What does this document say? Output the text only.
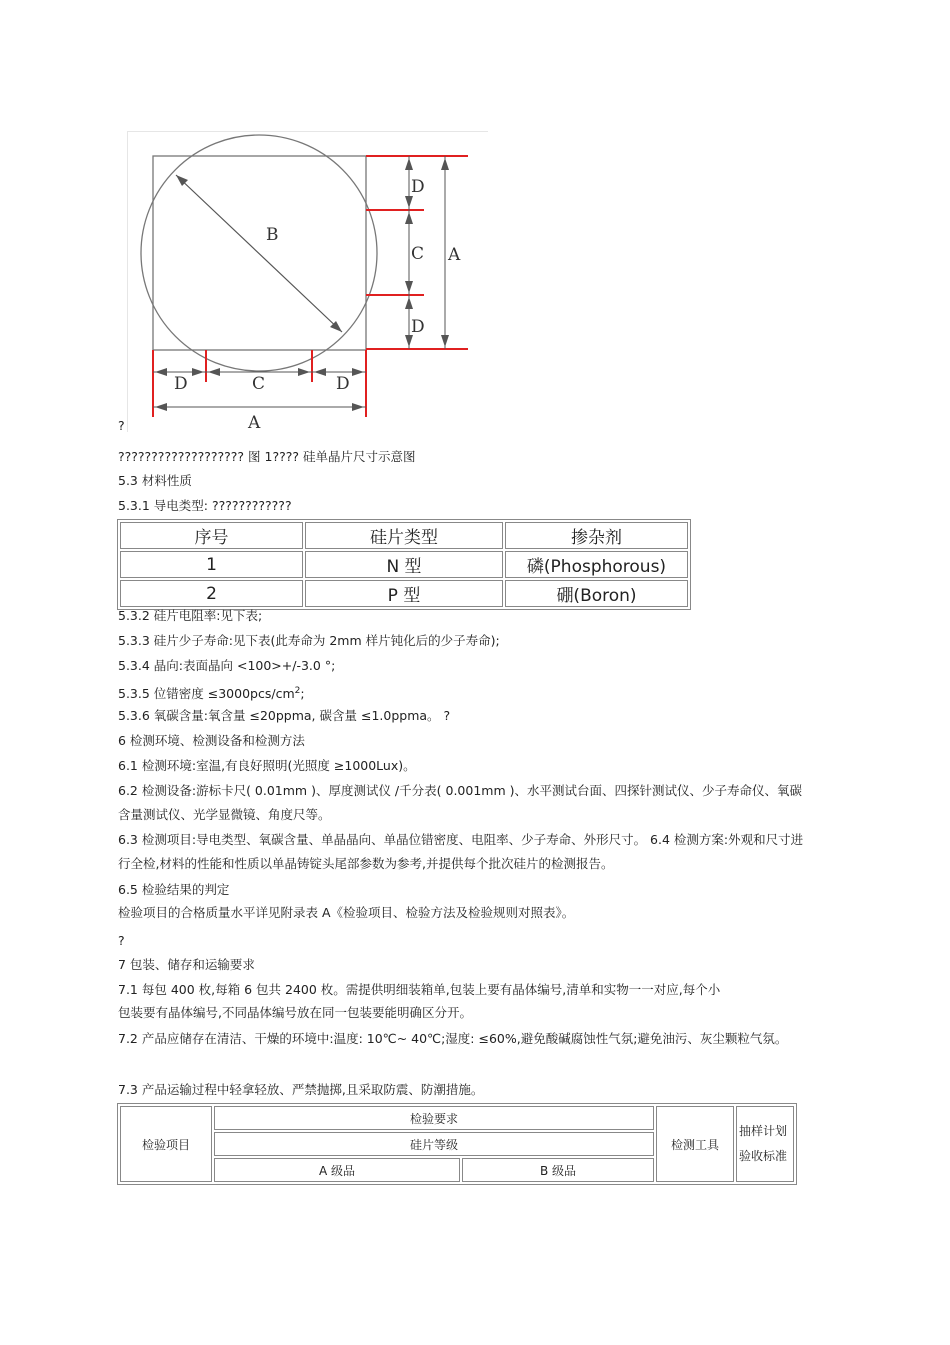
B
D
C
D
A
D	C	D
A
?
??????????????????? 图 1???? 硅单晶片尺寸示意图
5.3 材料性质
5.3.1 导电类型: ????????????
序号	硅片类型	掺杂剂
1	N 型	磷(Phosphorous)
2	P 型	硼(Boron)
5.3.2 硅片电阻率:见下表;
5.3.3 硅片少子寿命:见下表(此寿命为 2mm 样片钝化后的少子寿命);
5.3.4 晶向:表面晶向 <100>+/-3.0 °;
5.3.5 位错密度 $\le 3000pcs/cm^2$;
5.3.6 氧碳含量:氧含量 ≤20ppma, 碳含量 ≤1.0ppma。 ?
6 检测环境、检测设备和检测方法
6.1 检测环境:室温,有良好照明(光照度 ≥1000Lux)。
6.2 检测设备:游标卡尺( 0.01mm )、厚度测试仪 /千分表( 0.001mm )、水平测试台面、四探针测试仪、少子寿命仪、氧碳含量测试仪、光学显微镜、角度尺等。
6.3 检测项目:导电类型、氧碳含量、单晶晶向、单晶位错密度、电阻率、少子寿命、外形尺寸。 6.4 检测方案:外观和尺寸进行全检,材料的性能和性质以单晶铸锭头尾部参数为参考,并提供每个批次硅片的检测报告。
6.5 检验结果的判定
检验项目的合格质量水平详见附录表 A《检验项目、检验方法及检验规则对照表》。
?
7 包装、储存和运输要求
7.1 每包 400 枚,每箱 6 包共 2400 枚。需提供明细装箱单,包装上要有晶体编号,清单和实物一一对应,每个小
包装要有晶体编号,不同晶体编号放在同一包装要能明确区分开。
7.2 产品应储存在清洁、干燥的环境中:温度: 10℃~ 40℃;湿度: ≤60%,避免酸碱腐蚀性气氛;避免油污、灰尘颗粒气氛。
7.3 产品运输过程中轻拿轻放、严禁抛掷,且采取防震、防潮措施。
检验项目	检验要求		检测工具	抽样计划验收标准
	硅片等级			
	A 级品	B 级品		
